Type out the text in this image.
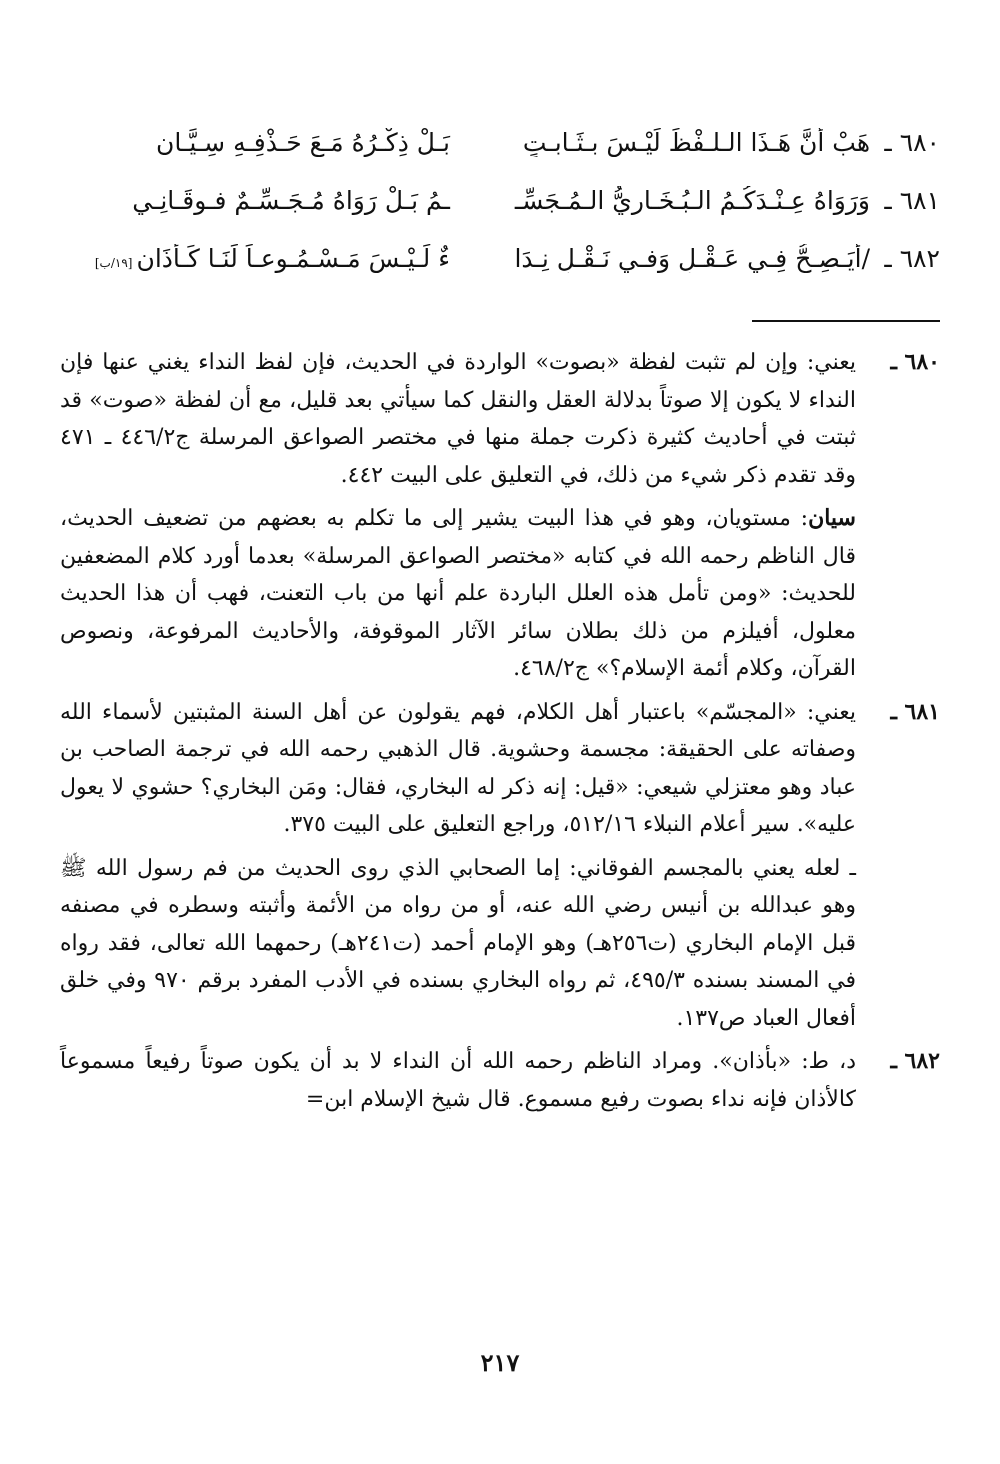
٦٨٠ ـ
هَبْ أنَّ هَـذَا الـلـفْظَ لَيْـسَ بـثَـابـتٍ
بَـلْ ذِكْـرُهُ مَـعَ حَـذْفِـهِ سِـيَّـانِ
٦٨١ ـ
وَرَوَاهُ عِـنْـدَكُـمُ الـبُـخَـارِيُّ الـمُـجَسِّـ
ـمُ بَـلْ رَوَاهُ مُـجَـسِّـمٌ فـوقَـانِـي
٦٨٢ ـ
/أيَـصِـحُّ فِـي عَـقْـلٍ وَفـي نَـقْـلٍ نِـدَا
ءٌ لَـيْـسَ مَـسْـمُـوعـاً لَنَـا كَـأذَانِ[١٩/ب]
٦٨٠ ـ

يعني: وإن لم تثبت لفظة «بصوت» الواردة في الحديث، فإن لفظ النداء يغني عنها فإن النداء لا يكون إلا صوتاً بدلالة العقل والنقل كما سيأتي بعد قليل، مع أن لفظة «صوت» قد ثبتت في أحاديث كثيرة ذكرت جملة منها في مختصر الصواعق المرسلة ج٤٤٦/٢ ـ ٤٧١ وقد تقدم ذكر شيء من ذلك، في التعليق على البيت ٤٤٢.

سيان: مستويان، وهو في هذا البيت يشير إلى ما تكلم به بعضهم من تضعيف الحديث، قال الناظم رحمه الله في كتابه «مختصر الصواعق المرسلة» بعدما أورد كلام المضعفين للحديث: «ومن تأمل هذه العلل الباردة علم أنها من باب التعنت، فهب أن هذا الحديث معلول، أفيلزم من ذلك بطلان سائر الآثار الموقوفة، والأحاديث المرفوعة، ونصوص القرآن، وكلام أئمة الإسلام؟» ج٤٦٨/٢.

٦٨١ ـ

يعني: «المجسّم» باعتبار أهل الكلام، فهم يقولون عن أهل السنة المثبتين لأسماء الله وصفاته على الحقيقة: مجسمة وحشوية. قال الذهبي رحمه الله في ترجمة الصاحب بن عباد وهو معتزلي شيعي: «قيل: إنه ذكر له البخاري، فقال: ومَن البخاري؟ حشوي لا يعول عليه». سير أعلام النبلاء ٥١٢/١٦، وراجع التعليق على البيت ٣٧٥.

ـ لعله يعني بالمجسم الفوقاني: إما الصحابي الذي روى الحديث من فم رسول الله ﷺ وهو عبدالله بن أنيس رضي الله عنه، أو من رواه من الأئمة وأثبته وسطره في مصنفه قبل الإمام البخاري (ت٢٥٦هـ) وهو الإمام أحمد (ت٢٤١هـ) رحمهما الله تعالى، فقد رواه في المسند بسنده ٤٩٥/٣، ثم رواه البخاري بسنده في الأدب المفرد برقم ٩٧٠ وفي خلق أفعال العباد ص١٣٧.

٦٨٢ ـ

د، ط: «بأذان». ومراد الناظم رحمه الله أن النداء لا بد أن يكون صوتاً رفيعاً مسموعاً كالأذان فإنه نداء بصوت رفيع مسموع. قال شيخ الإسلام ابن=

٢١٧
